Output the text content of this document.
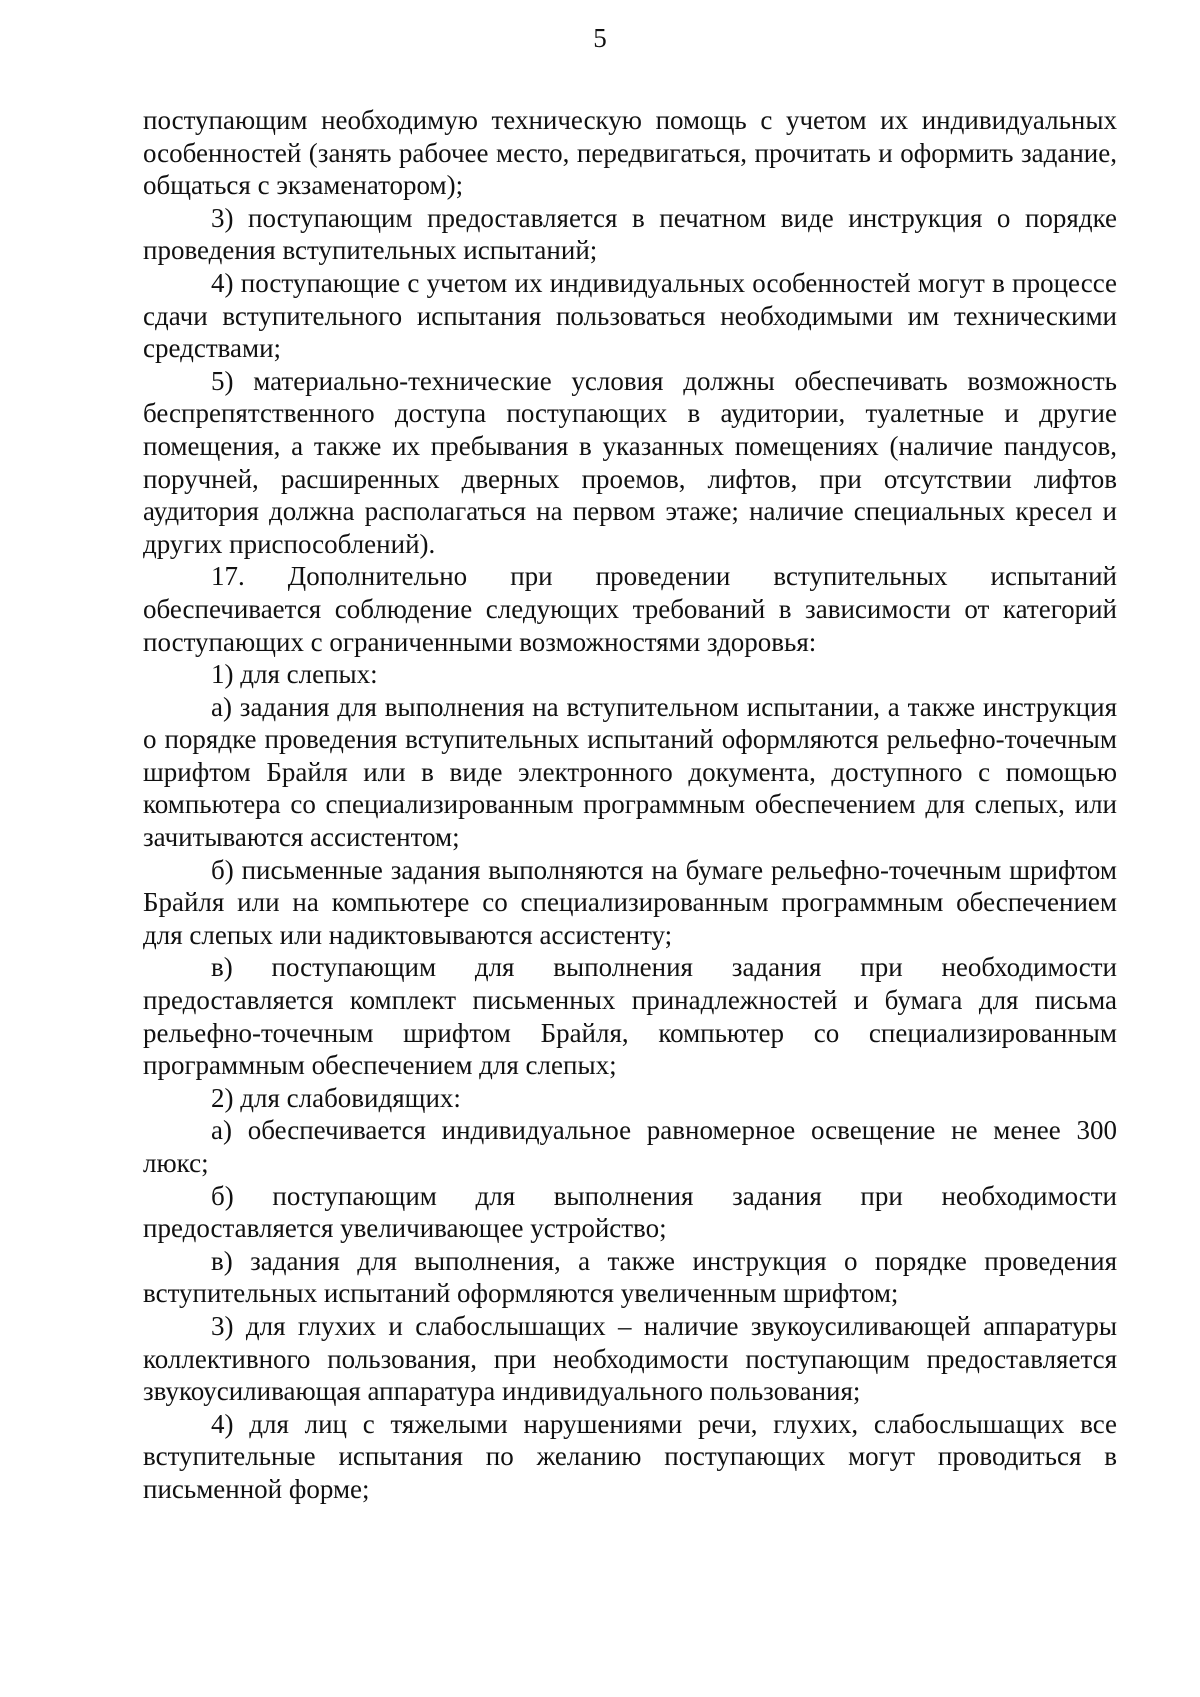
5

поступающим необходимую техническую помощь с учетом их индивидуальных особенностей (занять рабочее место, передвигаться, прочитать и оформить задание, общаться с экзаменатором);

3) поступающим предоставляется в печатном виде инструкция о порядке проведения вступительных испытаний;

4) поступающие с учетом их индивидуальных особенностей могут в процессе сдачи вступительного испытания пользоваться необходимыми им техническими средствами;

5) материально-технические условия должны обеспечивать возможность беспрепятственного доступа поступающих в аудитории, туалетные и другие помещения, а также их пребывания в указанных помещениях (наличие пандусов, поручней, расширенных дверных проемов, лифтов, при отсутствии лифтов аудитория должна располагаться на первом этаже; наличие специальных кресел и других приспособлений).

17. Дополнительно при проведении вступительных испытаний обеспечивается соблюдение следующих требований в зависимости от категорий поступающих с ограниченными возможностями здоровья:

1) для слепых:

а) задания для выполнения на вступительном испытании, а также инструкция о порядке проведения вступительных испытаний оформляются рельефно-точечным шрифтом Брайля или в виде электронного документа, доступного с помощью компьютера со специализированным программным обеспечением для слепых, или зачитываются ассистентом;

б) письменные задания выполняются на бумаге рельефно-точечным шрифтом Брайля или на компьютере со специализированным программным обеспечением для слепых или надиктовываются ассистенту;

в) поступающим для выполнения задания при необходимости предоставляется комплект письменных принадлежностей и бумага для письма рельефно-точечным шрифтом Брайля, компьютер со специализированным программным обеспечением для слепых;

2) для слабовидящих:

а) обеспечивается индивидуальное равномерное освещение не менее 300 люкс;

б) поступающим для выполнения задания при необходимости предоставляется увеличивающее устройство;

в) задания для выполнения, а также инструкция о порядке проведения вступительных испытаний оформляются увеличенным шрифтом;

3) для глухих и слабослышащих – наличие звукоусиливающей аппаратуры коллективного пользования, при необходимости поступающим предоставляется звукоусиливающая аппаратура индивидуального пользования;

4) для лиц с тяжелыми нарушениями речи, глухих, слабослышащих все вступительные испытания по желанию поступающих могут проводиться в письменной форме;
